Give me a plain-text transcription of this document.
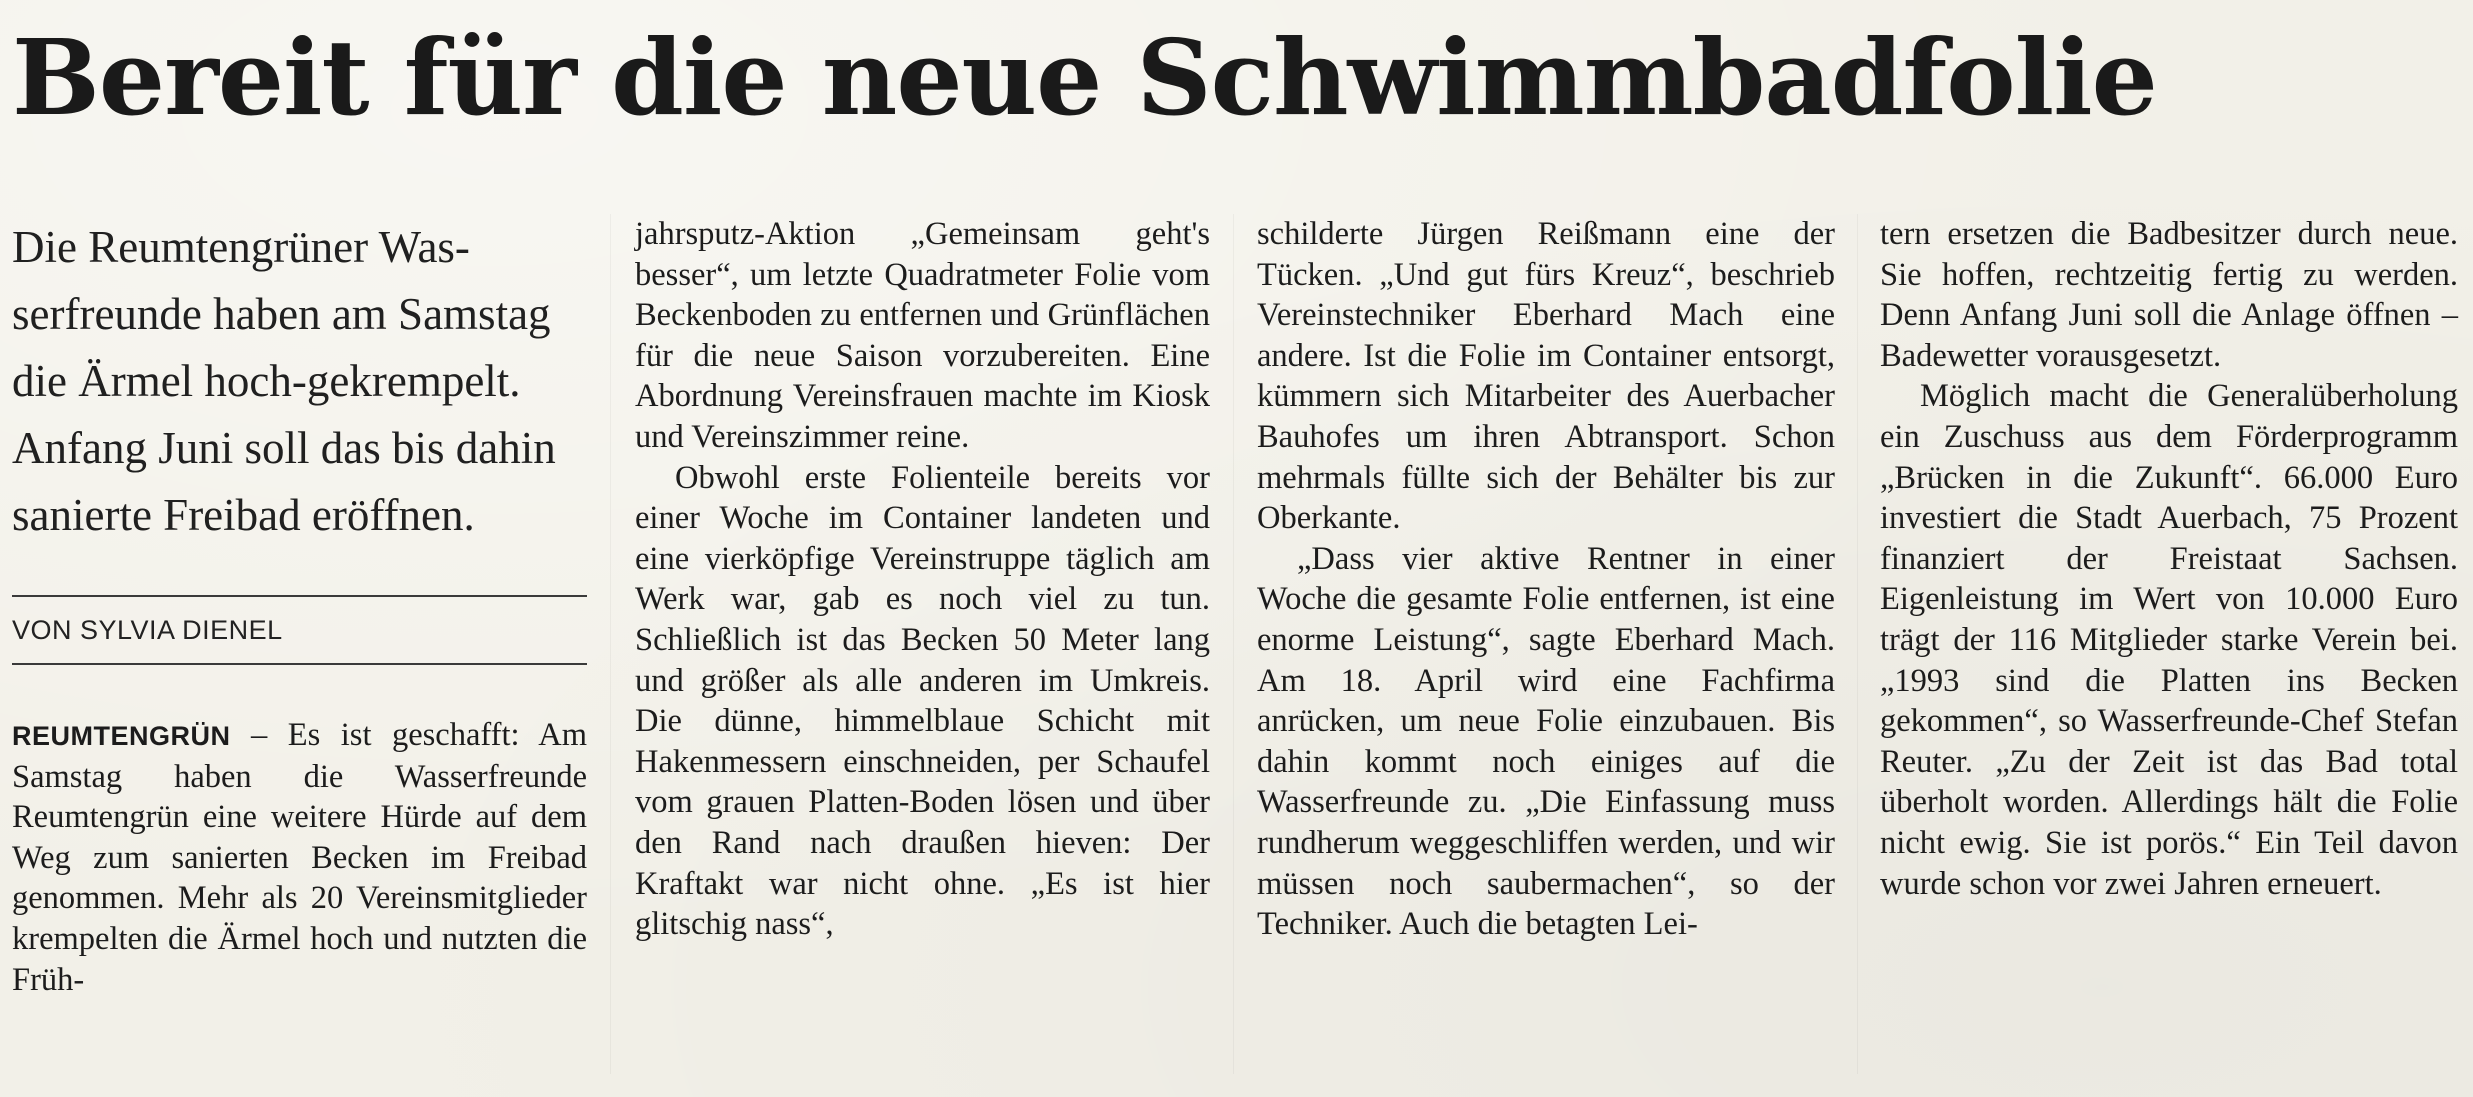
Bereit für die neue Schwimmbadfolie

Die Reumtengrüner Was-serfreunde haben am Samstag die Ärmel hoch-gekrempelt. Anfang Juni soll das bis dahin sanierte Freibad eröffnen.

VON SYLVIA DIENEL

REUMTENGRÜN – Es ist geschafft: Am Samstag haben die Wasserfreunde Reumtengrün eine weitere Hürde auf dem Weg zum sanierten Becken im Freibad genommen. Mehr als 20 Vereinsmitglieder krempelten die Ärmel hoch und nutzten die Früh-

jahrsputz-Aktion „Gemeinsam geht's besser“, um letzte Quadratmeter Folie vom Beckenboden zu entfernen und Grünflächen für die neue Saison vorzubereiten. Eine Abordnung Vereinsfrauen machte im Kiosk und Vereinszimmer reine.

Obwohl erste Folienteile bereits vor einer Woche im Container landeten und eine vierköpfige Vereinstruppe täglich am Werk war, gab es noch viel zu tun. Schließlich ist das Becken 50 Meter lang und größer als alle anderen im Umkreis. Die dünne, himmelblaue Schicht mit Hakenmessern einschneiden, per Schaufel vom grauen Platten-Boden lösen und über den Rand nach draußen hieven: Der Kraftakt war nicht ohne. „Es ist hier glitschig nass“,

schilderte Jürgen Reißmann eine der Tücken. „Und gut fürs Kreuz“, beschrieb Vereinstechniker Eberhard Mach eine andere. Ist die Folie im Container entsorgt, kümmern sich Mitarbeiter des Auerbacher Bauhofes um ihren Abtransport. Schon mehrmals füllte sich der Behälter bis zur Oberkante.

„Dass vier aktive Rentner in einer Woche die gesamte Folie entfernen, ist eine enorme Leistung“, sagte Eberhard Mach. Am 18. April wird eine Fachfirma anrücken, um neue Folie einzubauen. Bis dahin kommt noch einiges auf die Wasserfreunde zu. „Die Einfassung muss rundherum weggeschliffen werden, und wir müssen noch saubermachen“, so der Techniker. Auch die betagten Lei-

tern ersetzen die Badbesitzer durch neue. Sie hoffen, rechtzeitig fertig zu werden. Denn Anfang Juni soll die Anlage öffnen – Badewetter vorausgesetzt.

Möglich macht die Generalüberholung ein Zuschuss aus dem Förderprogramm „Brücken in die Zukunft“. 66.000 Euro investiert die Stadt Auerbach, 75 Prozent finanziert der Freistaat Sachsen. Eigenleistung im Wert von 10.000 Euro trägt der 116 Mitglieder starke Verein bei. „1993 sind die Platten ins Becken gekommen“, so Wasserfreunde-Chef Stefan Reuter. „Zu der Zeit ist das Bad total überholt worden. Allerdings hält die Folie nicht ewig. Sie ist porös.“ Ein Teil davon wurde schon vor zwei Jahren erneuert.
